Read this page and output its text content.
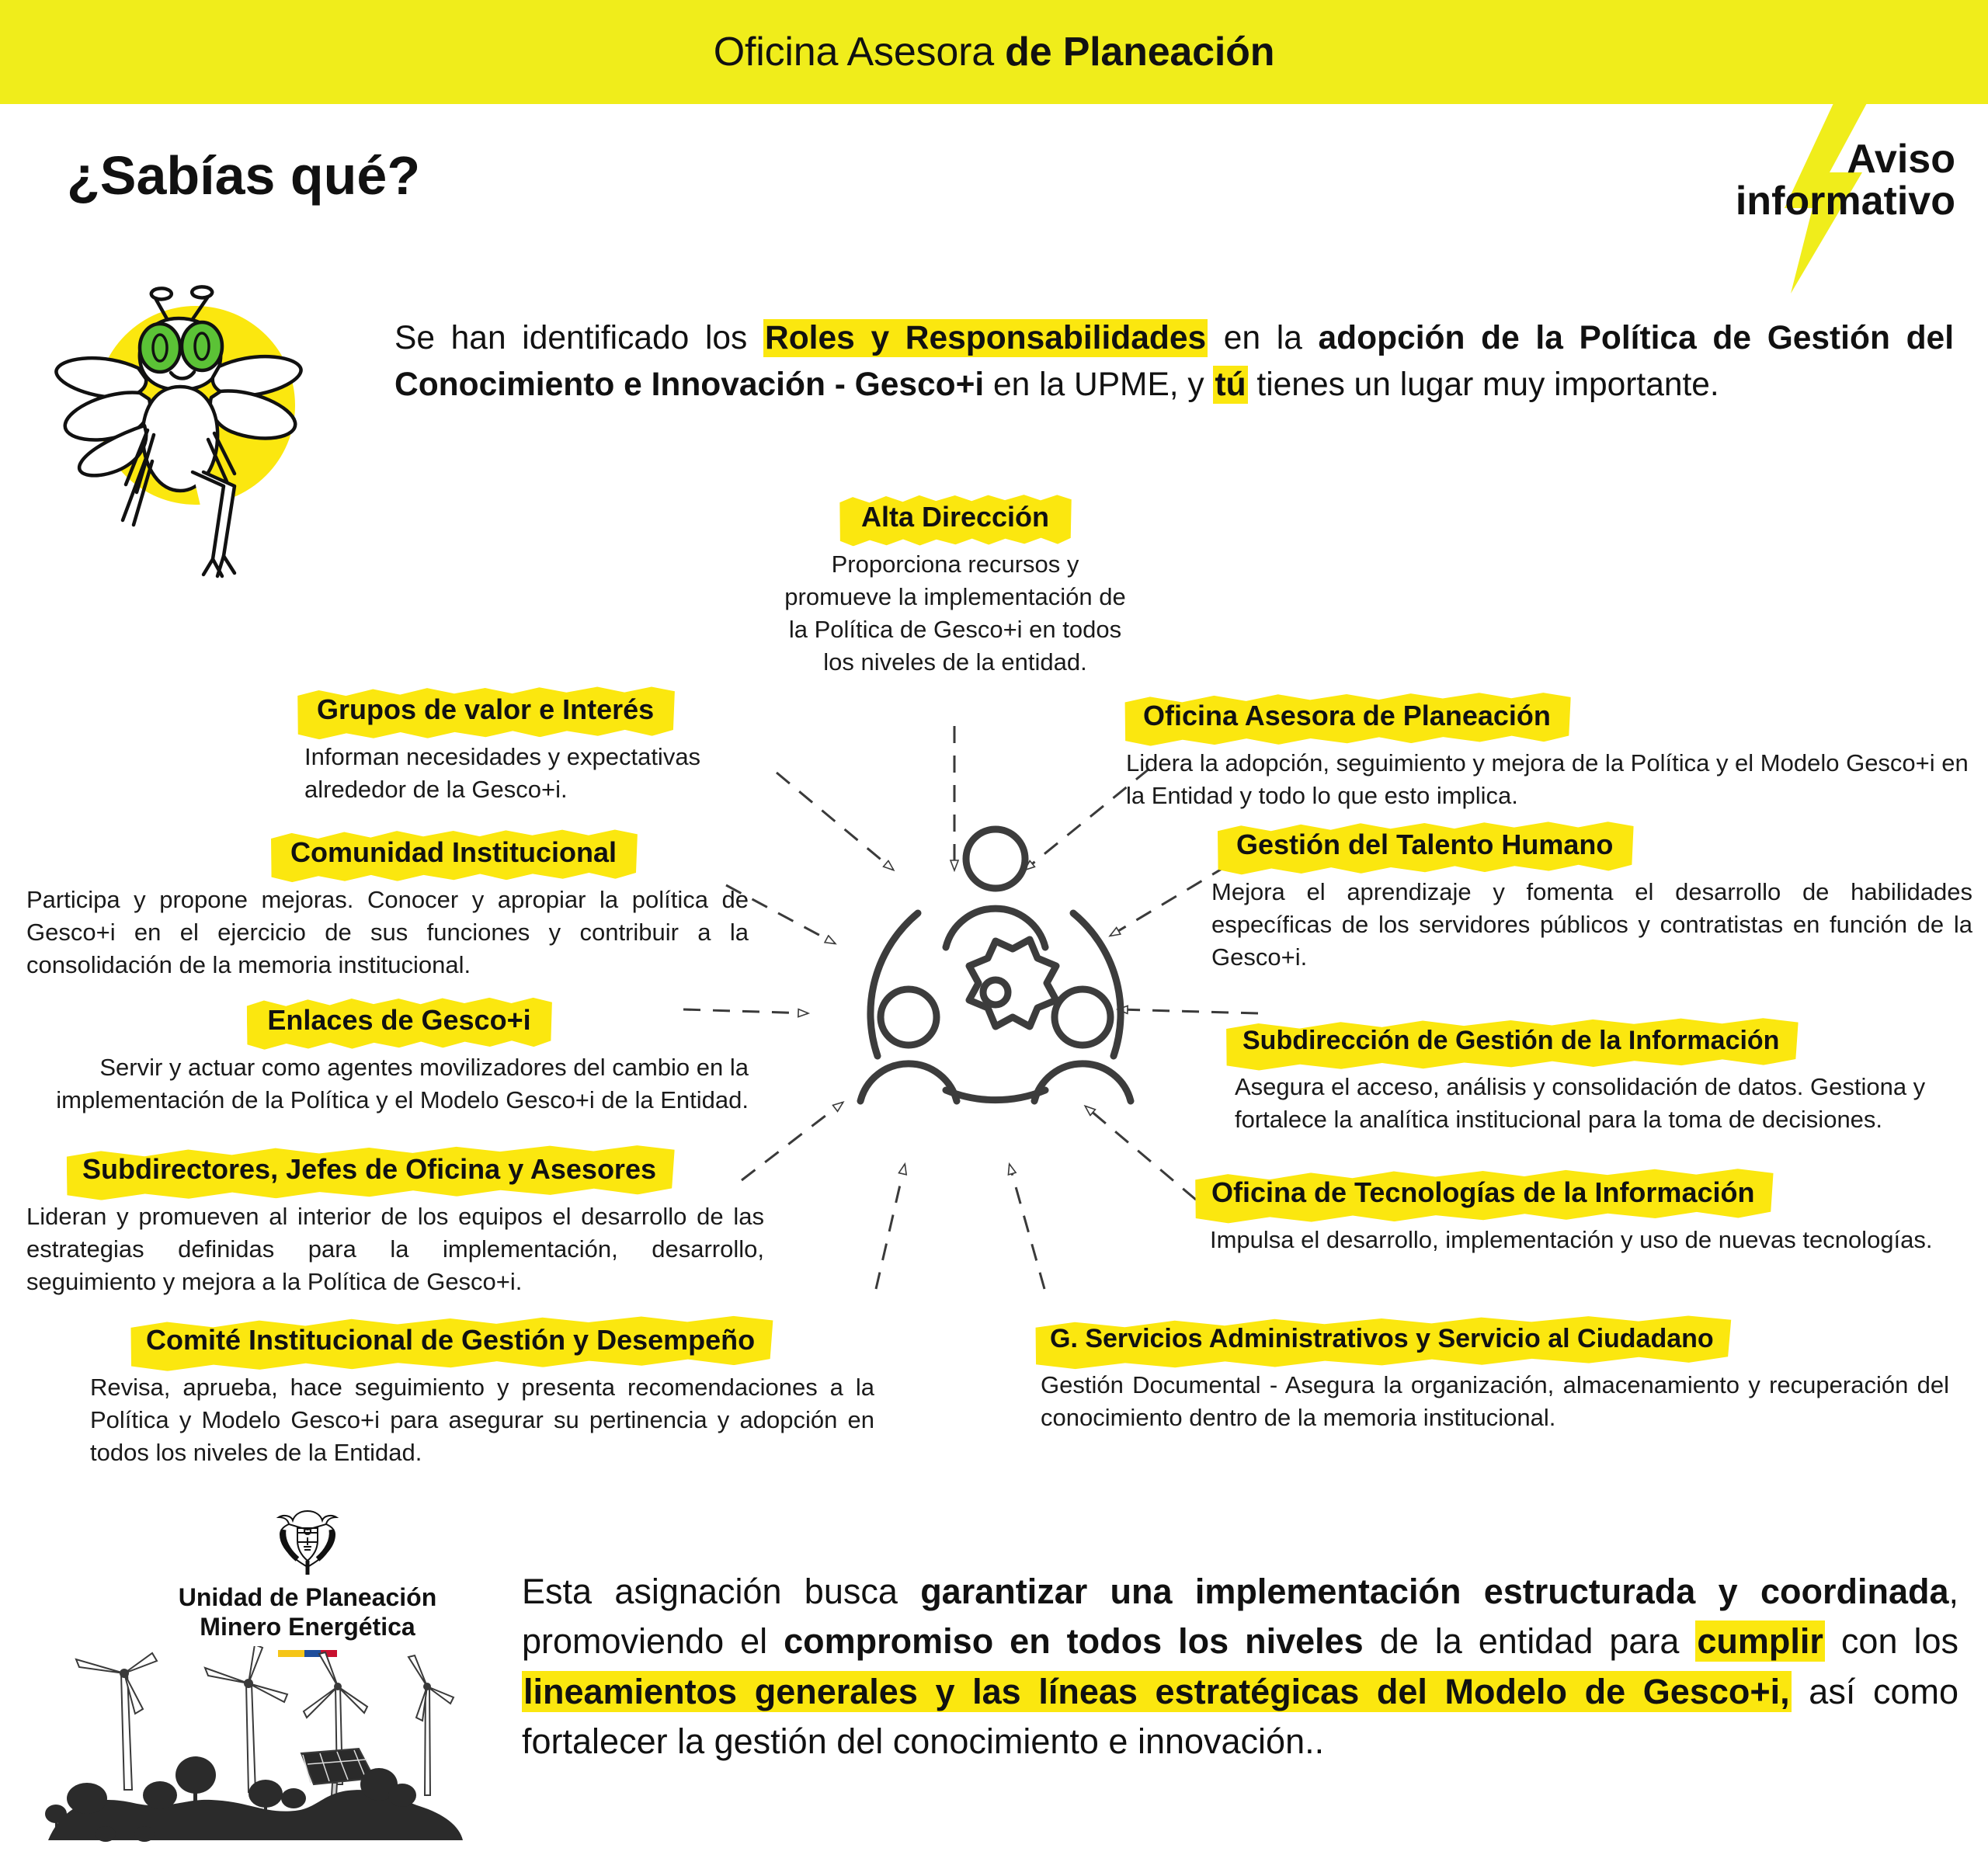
Oficina Asesora de Planeación
¿Sabías qué?	Aviso
informativo

Se han identificado los Roles y Responsabilidades en la adopción de la Política de Gestión del Conocimiento e Innovación - Gesco+i en la UPME, y tú tienes un lugar muy importante.

Alta Dirección
Proporciona recursos y promueve la implementación de la Política de Gesco+i en todos los niveles de la entidad.
Grupos de valor e Interés
Informan necesidades y expectativas alrededor de la Gesco+i.
Comunidad Institucional
Participa y propone mejoras. Conocer y apropiar la política de Gesco+i en el ejercicio de sus funciones y contribuir a la consolidación de la memoria institucional.
Enlaces de Gesco+i
Servir y actuar como agentes movilizadores del cambio en la implementación de la Política y el Modelo Gesco+i de la Entidad.
Subdirectores, Jefes de Oficina y Asesores
Lideran y promueven al interior de los equipos el desarrollo de las estrategias definidas para la implementación, desarrollo, seguimiento y mejora a la Política de Gesco+i.
Comité Institucional de Gestión y Desempeño
Revisa, aprueba, hace seguimiento y presenta recomendaciones a la Política y Modelo Gesco+i para asegurar su pertinencia y adopción en todos los niveles de la Entidad.
Oficina Asesora de Planeación
Lidera la adopción, seguimiento y mejora de la Política y el Modelo Gesco+i en la Entidad y todo lo que esto implica.
Gestión del Talento Humano
Mejora el aprendizaje y fomenta el desarrollo de habilidades específicas de los servidores públicos y contratistas en función de la Gesco+i.
Subdirección de Gestión de la Información
Asegura el acceso, análisis y consolidación de datos. Gestiona y fortalece la analítica institucional para la toma de decisiones.
Oficina de Tecnologías de la Información
Impulsa el desarrollo, implementación y uso de nuevas tecnologías.
G. Servicios Administrativos y Servicio al Ciudadano
Gestión Documental - Asegura la organización, almacenamiento y recuperación del conocimiento dentro de la memoria institucional.
Unidad de Planeación
Minero Energética

Esta asignación busca garantizar una implementación estructurada y coordinada, promoviendo el compromiso en todos los niveles de la entidad para cumplir con los lineamientos generales y las líneas estratégicas del Modelo de Gesco+i, así como fortalecer la gestión del conocimiento e innovación..
